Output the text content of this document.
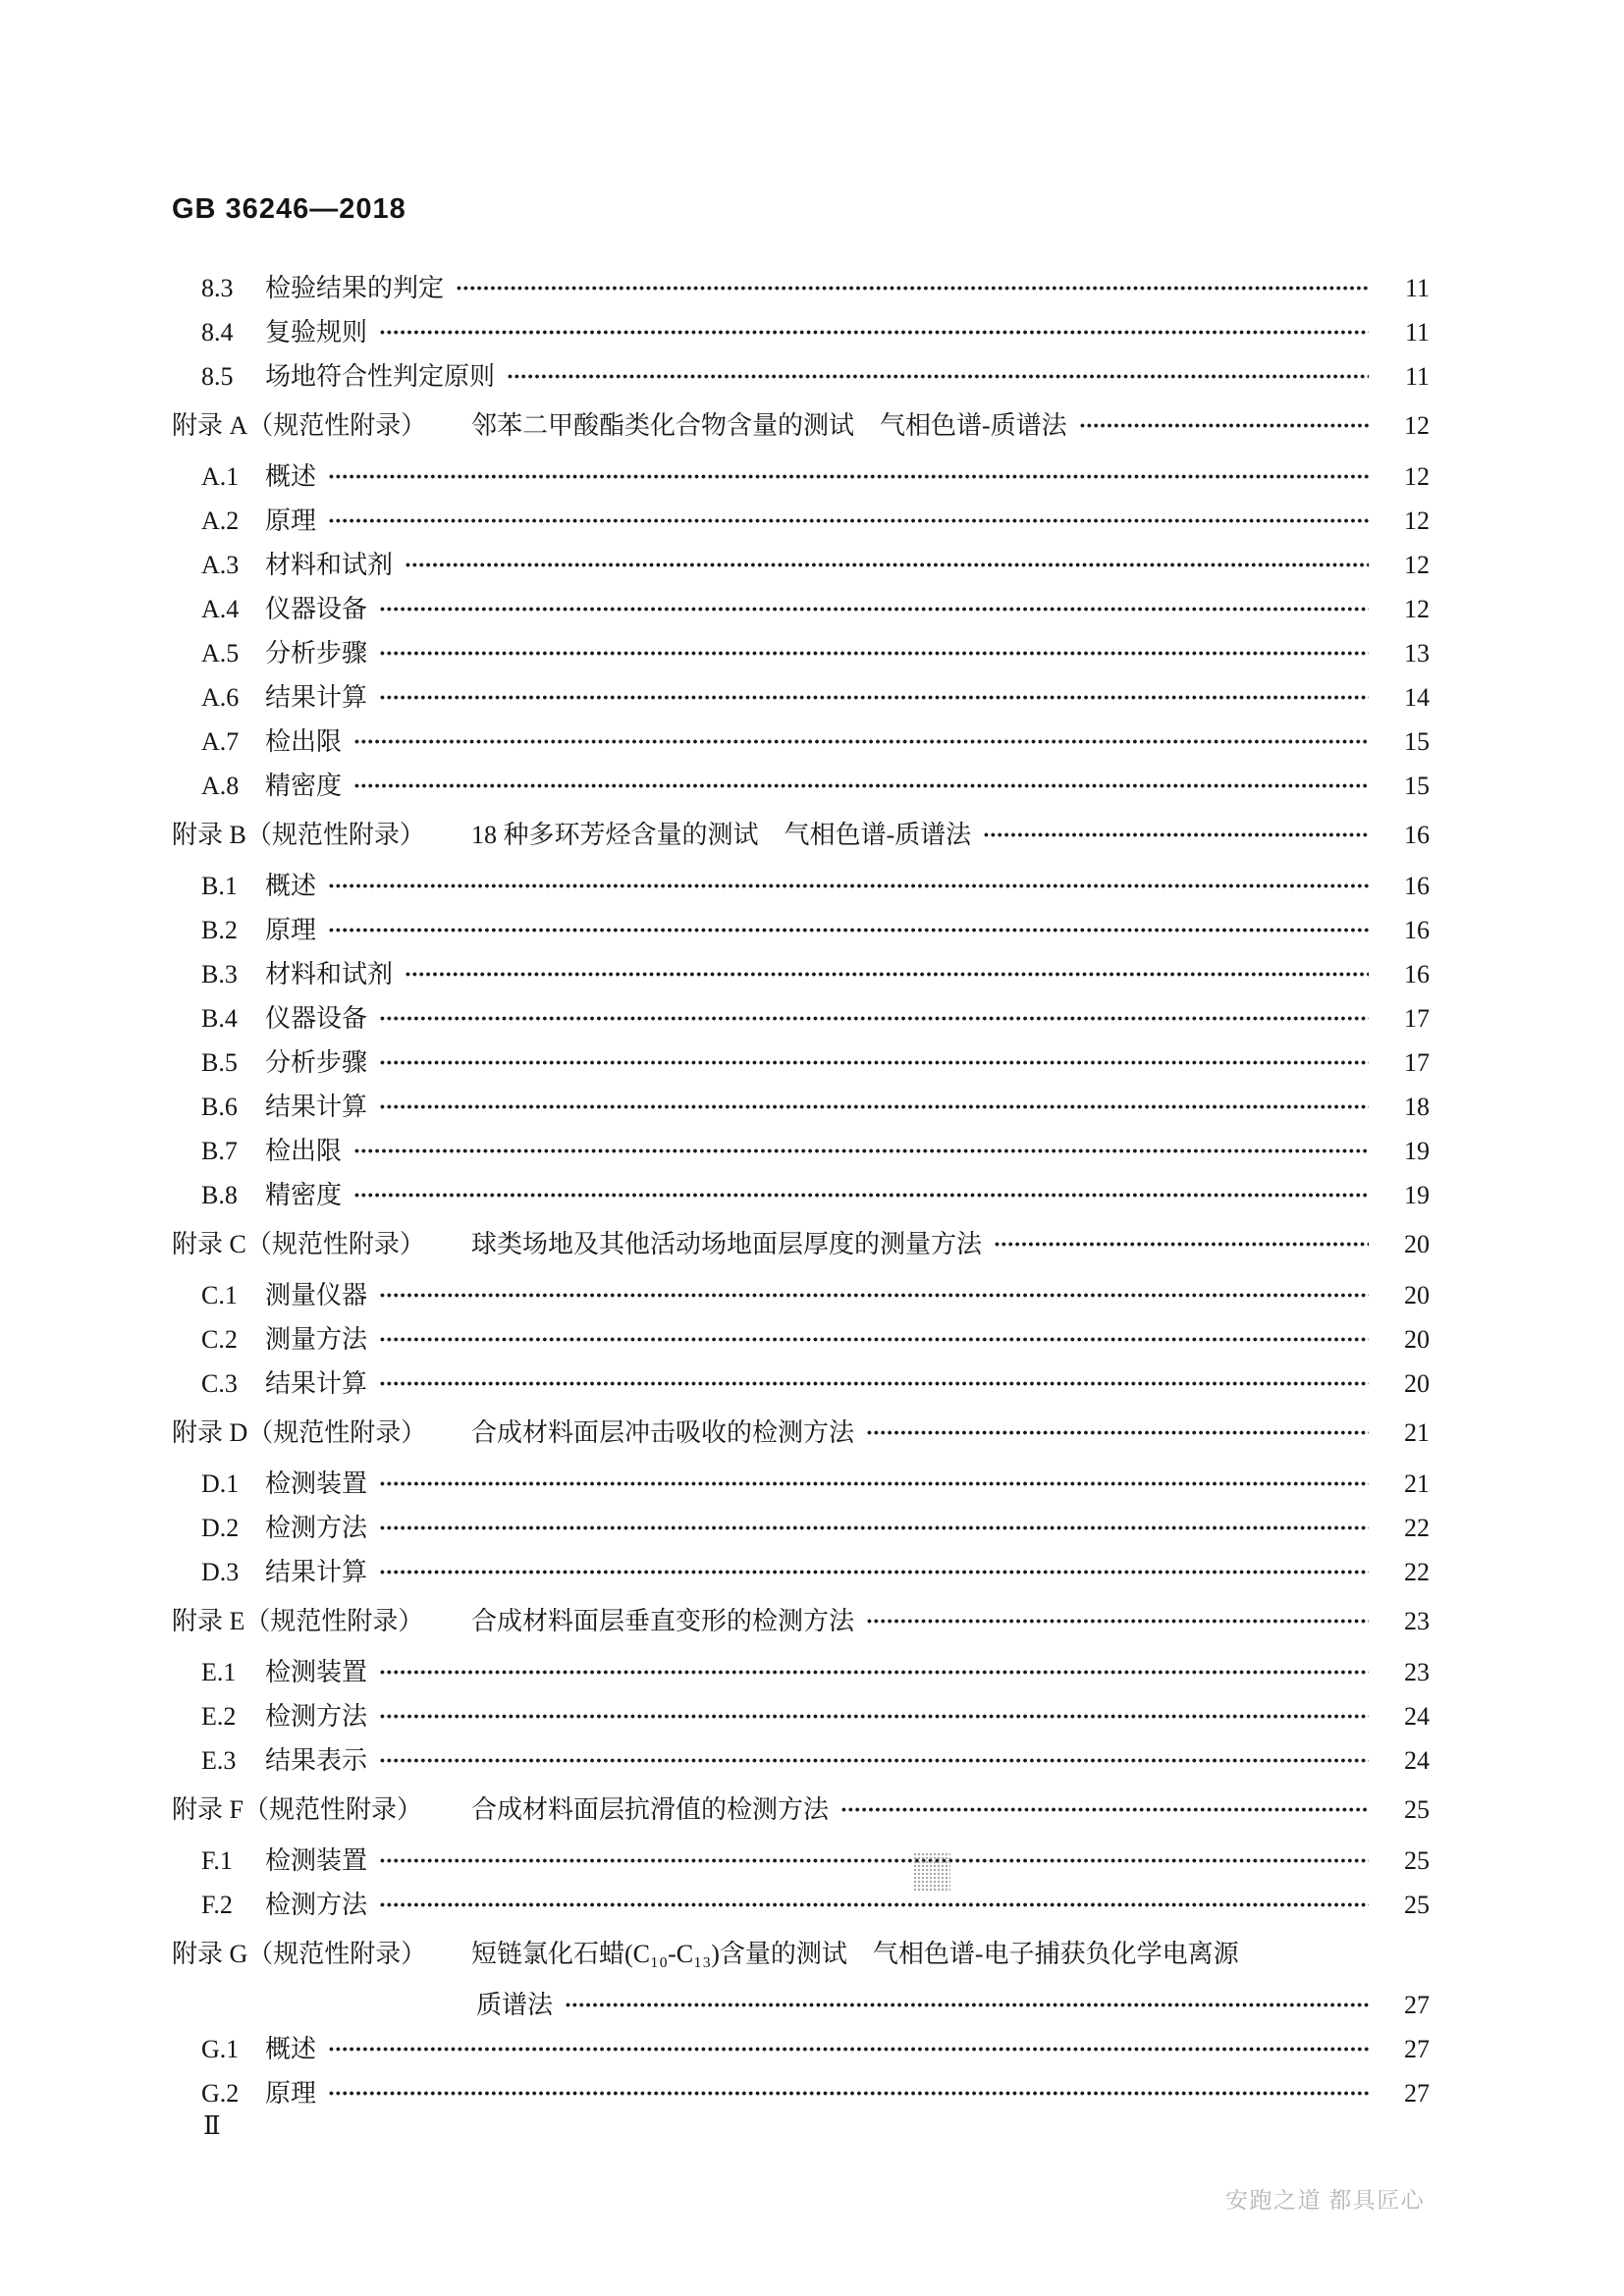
GB 36246—2018
8.3	检验结果的判定	11
8.4	复验规则	11
8.5	场地符合性判定原则	11
附录 A（规范性附录）	邻苯二甲酸酯类化合物含量的测试　气相色谱-质谱法	12
A.1	概述	12
A.2	原理	12
A.3	材料和试剂	12
A.4	仪器设备	12
A.5	分析步骤	13
A.6	结果计算	14
A.7	检出限	15
A.8	精密度	15
附录 B（规范性附录）	18 种多环芳烃含量的测试　气相色谱-质谱法	16
B.1	概述	16
B.2	原理	16
B.3	材料和试剂	16
B.4	仪器设备	17
B.5	分析步骤	17
B.6	结果计算	18
B.7	检出限	19
B.8	精密度	19
附录 C（规范性附录）	球类场地及其他活动场地面层厚度的测量方法	20
C.1	测量仪器	20
C.2	测量方法	20
C.3	结果计算	20
附录 D（规范性附录）	合成材料面层冲击吸收的检测方法	21
D.1	检测装置	21
D.2	检测方法	22
D.3	结果计算	22
附录 E（规范性附录）	合成材料面层垂直变形的检测方法	23
E.1	检测装置	23
E.2	检测方法	24
E.3	结果表示	24
附录 F（规范性附录）	合成材料面层抗滑值的检测方法	25
F.1	检测装置	25
F.2	检测方法	25
附录 G（规范性附录）	短链氯化石蜡(C₁₀-C₁₃)含量的测试　气相色谱-电子捕获负化学电离源
质谱法	27
G.1	概述	27
G.2	原理	27
Ⅱ
安跑之道 都具匠心
